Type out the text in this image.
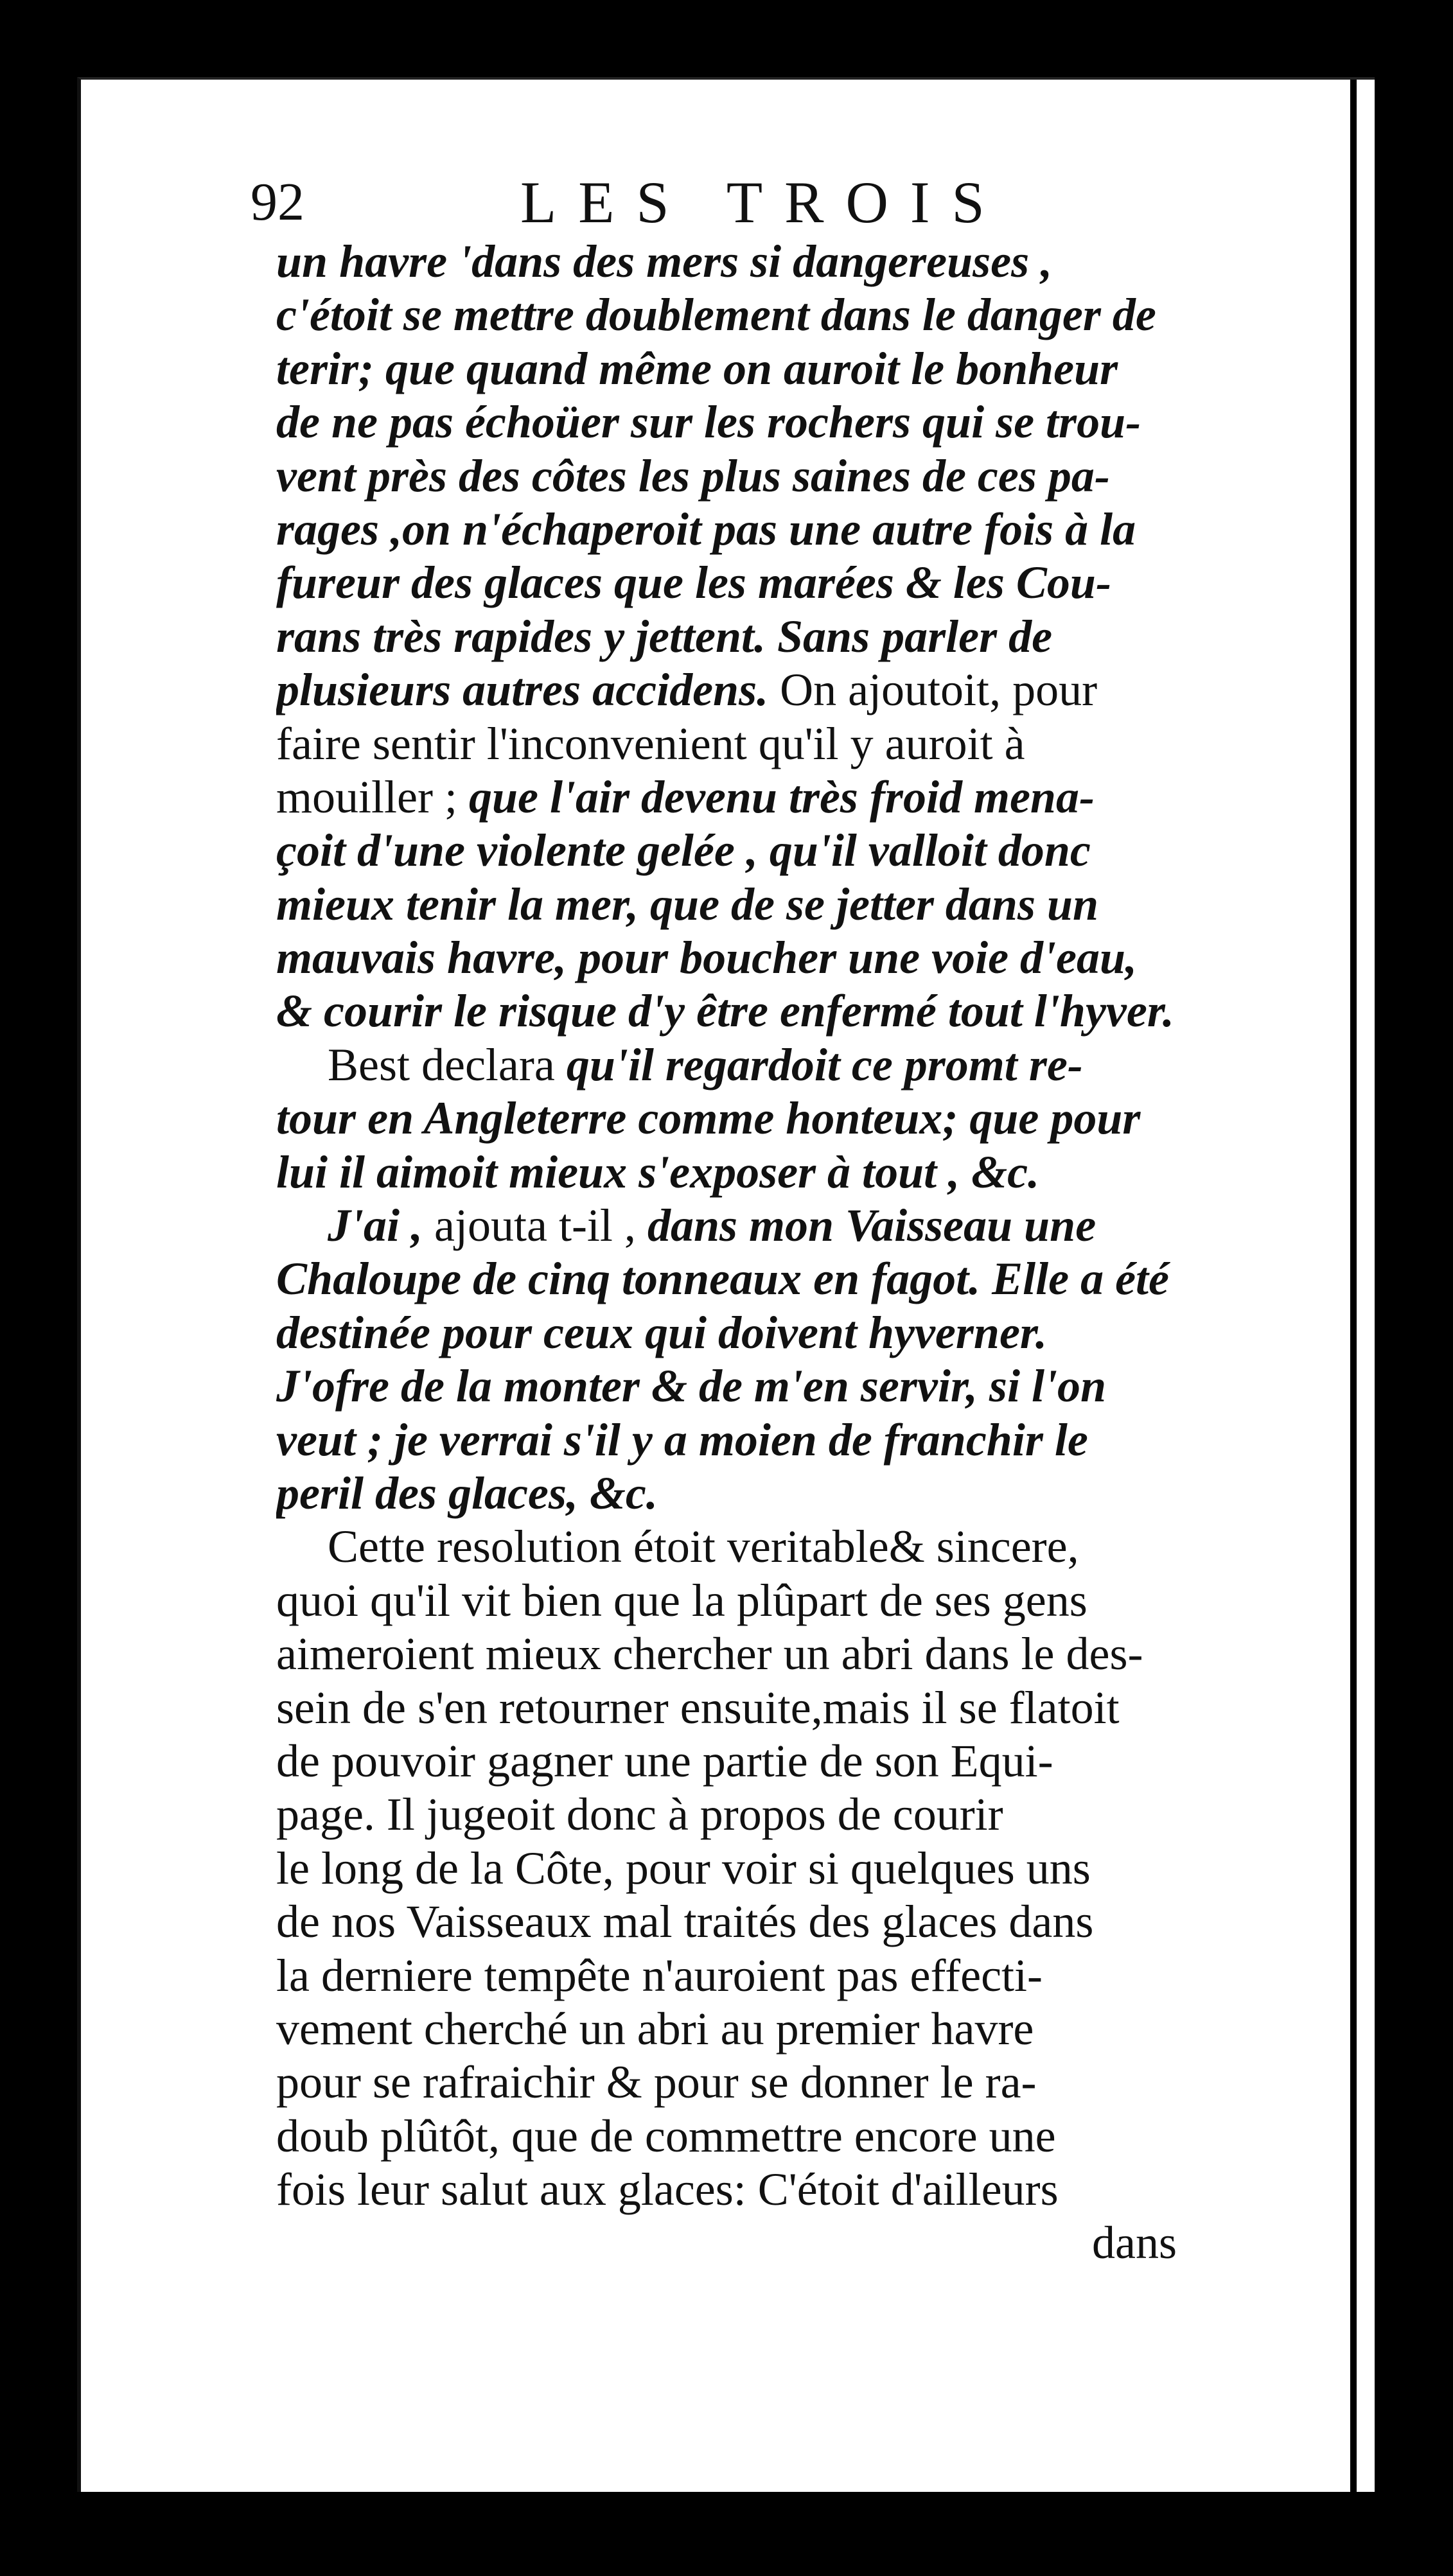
92	LES TROIS
un havre 'dans des mers si dangereuses ,
c'étoit se mettre doublement dans le danger de
terir; que quand même on auroit le bonheur
de ne pas échoüer sur les rochers qui se trou-
vent près des côtes les plus saines de ces pa-
rages ,on n'échaperoit pas une autre fois à la
fureur des glaces que les marées & les Cou-
rans très rapides y jettent. Sans parler de
plusieurs autres accidens. On ajoutoit, pour
faire sentir l'inconvenient qu'il y auroit à
mouiller ; que l'air devenu très froid mena-
çoit d'une violente gelée , qu'il valloit donc
mieux tenir la mer, que de se jetter dans un
mauvais havre, pour boucher une voie d'eau,
& courir le risque d'y être enfermé tout l'hyver.
Best declara qu'il regardoit ce promt re-
tour en Angleterre comme honteux; que pour
lui il aimoit mieux s'exposer à tout , &c.
J'ai , ajouta t-il , dans mon Vaisseau une
Chaloupe de cinq tonneaux en fagot. Elle a été
destinée pour ceux qui doivent hyverner.
J'ofre de la monter & de m'en servir, si l'on
veut ; je verrai s'il y a moien de franchir le
peril des glaces, &c.
Cette resolution étoit veritable& sincere,
quoi qu'il vit bien que la plûpart de ses gens
aimeroient mieux chercher un abri dans le des-
sein de s'en retourner ensuite,mais il se flatoit
de pouvoir gagner une partie de son Equi-
page. Il jugeoit donc à propos de courir
le long de la Côte, pour voir si quelques uns
de nos Vaisseaux mal traités des glaces dans
la derniere tempête n'auroient pas effecti-
vement cherché un abri au premier havre
pour se rafraichir & pour se donner le ra-
doub plûtôt, que de commettre encore une
fois leur salut aux glaces: C'étoit d'ailleurs
dans
